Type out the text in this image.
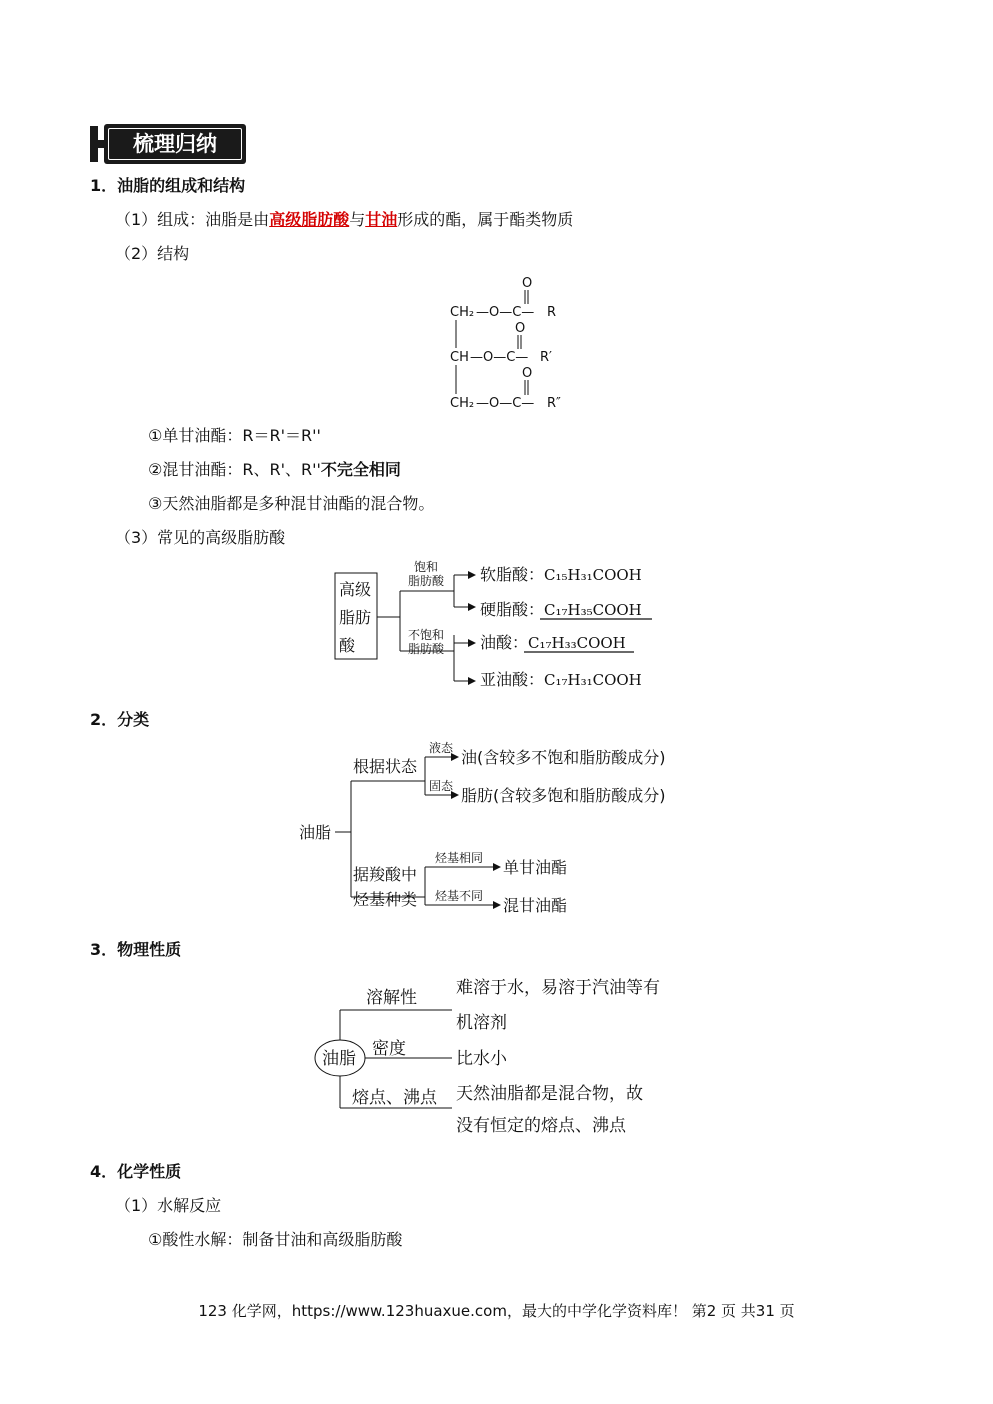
梳理归纳
1．油脂的组成和结构
（1）组成：油脂是由高级脂肪酸与甘油形成的酯，属于酯类物质
（2）结构
O
CH₂ —O—C— R
O
CH —O—C— R′
O
CH₂ —O—C— R″
①单甘油酯：R＝R'＝R''
②混甘油酯：R、R'、R''不完全相同
③天然油脂都是多种混甘油酯的混合物。
（3）常见的高级脂肪酸
高级
脂肪
酸
饱和
脂肪酸
不饱和
脂肪酸
软脂酸： C₁₅H₃₁COOH
硬脂酸： C₁₇H₃₅COOH
油酸： C₁₇H₃₃COOH
亚油酸： C₁₇H₃₁COOH
2．分类
油脂
根据状态
据羧酸中
烃基种类
油(含较多不饱和脂肪酸成分)
脂肪(含较多饱和脂肪酸成分)
单甘油酯
混甘油酯
液态
固态
烃基相同
烃基不同
3．物理性质
油脂
溶解性
密度
熔点、沸点
难溶于水，易溶于汽油等有
机溶剂
比水小
天然油脂都是混合物，故
没有恒定的熔点、沸点
4．化学性质
（1）水解反应
①酸性水解：制备甘油和高级脂肪酸
123 化学网，https://www.123huaxue.com，最大的中学化学资料库！ 第2 页 共31 页
